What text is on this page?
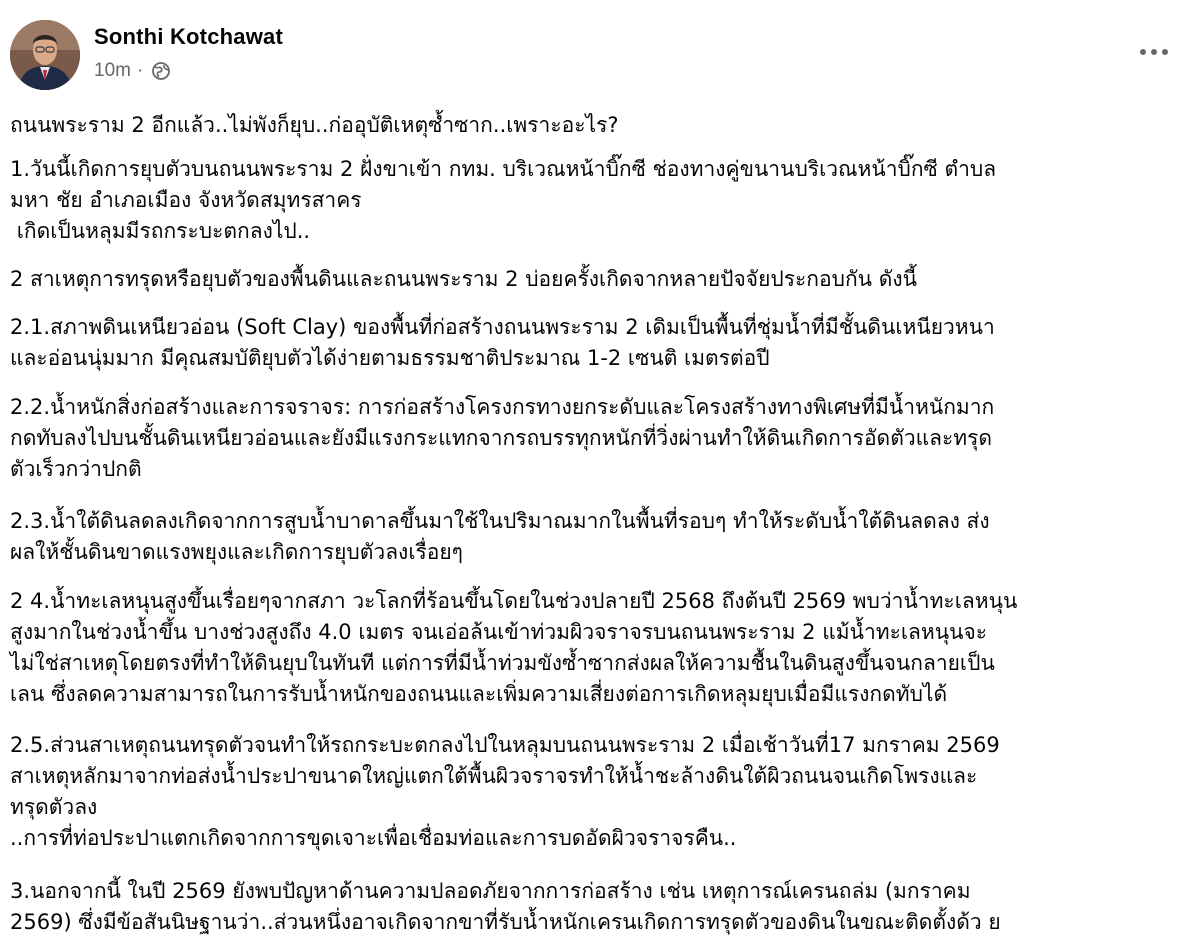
Sonthi Kotchawat
10m ·

ถนนพระราม 2 อีกแล้ว..ไม่พังก็ยุบ..ก่ออุบัติเหตุซ้ำซาก..เพราะอะไร?

1.วันนี้เกิดการยุบตัวบนถนนพระราม 2 ฝั่งขาเข้า กทม. บริเวณหน้าบิ๊กซี ช่องทางคู่ขนานบริเวณหน้าบิ๊กซี ตำบล
มหา ชัย อำเภอเมือง จังหวัดสมุทรสาคร
เกิดเป็นหลุมมีรถกระบะตกลงไป..

2 สาเหตุการทรุดหรือยุบตัวของพื้นดินและถนนพระราม 2 บ่อยครั้งเกิดจากหลายปัจจัยประกอบกัน ดังนี้

2.1.สภาพดินเหนียวอ่อน (Soft Clay) ของพื้นที่ก่อสร้างถนนพระราม 2 เดิมเป็นพื้นที่ชุ่มน้ำที่มีชั้นดินเหนียวหนา
และอ่อนนุ่มมาก มีคุณสมบัติยุบตัวได้ง่ายตามธรรมชาติประมาณ 1-2 เซนติ เมตรต่อปี

2.2.น้ำหนักสิ่งก่อสร้างและการจราจร: การก่อสร้างโครงกรทางยกระดับและโครงสร้างทางพิเศษที่มีน้ำหนักมาก
กดทับลงไปบนชั้นดินเหนียวอ่อนและยังมีแรงกระแทกจากรถบรรทุกหนักที่วิ่งผ่านทำให้ดินเกิดการอัดตัวและทรุด
ตัวเร็วกว่าปกติ

2.3.น้ำใต้ดินลดลงเกิดจากการสูบน้ำบาดาลขึ้นมาใช้ในปริมาณมากในพื้นที่รอบๆ ทำให้ระดับน้ำใต้ดินลดลง ส่ง
ผลให้ชั้นดินขาดแรงพยุงและเกิดการยุบตัวลงเรื่อยๆ

2 4.น้ำทะเลหนุนสูงขึ้นเรื่อยๆจากสภา วะโลกที่ร้อนขึ้นโดยในช่วงปลายปี 2568 ถึงต้นปี 2569 พบว่าน้ำทะเลหนุน
สูงมากในช่วงน้ำขึ้น บางช่วงสูงถึง 4.0 เมตร จนเอ่อล้นเข้าท่วมผิวจราจรบนถนนพระราม 2 แม้น้ำทะเลหนุนจะ
ไม่ใช่สาเหตุโดยตรงที่ทำให้ดินยุบในทันที แต่การที่มีน้ำท่วมขังซ้ำซากส่งผลให้ความชื้นในดินสูงขึ้นจนกลายเป็น
เลน ซึ่งลดความสามารถในการรับน้ำหนักของถนนและเพิ่มความเสี่ยงต่อการเกิดหลุมยุบเมื่อมีแรงกดทับได้

2.5.ส่วนสาเหตุถนนทรุดตัวจนทำให้รถกระบะตกลงไปในหลุมบนถนนพระราม 2 เมื่อเช้าวันที่17 มกราคม 2569
สาเหตุหลักมาจากท่อส่งน้ำประปาขนาดใหญ่แตกใต้พื้นผิวจราจรทำให้น้ำชะล้างดินใต้ผิวถนนจนเกิดโพรงและ
ทรุดตัวลง
..การที่ท่อประปาแตกเกิดจากการขุดเจาะเพื่อเชื่อมท่อและการบดอัดผิวจราจรคืน..

3.นอกจากนี้ ในปี 2569 ยังพบปัญหาด้านความปลอดภัยจากการก่อสร้าง เช่น เหตุการณ์เครนถล่ม (มกราคม
2569) ซึ่งมีข้อสันนิษฐานว่า..ส่วนหนึ่งอาจเกิดจากขาที่รับน้ำหนักเครนเกิดการทรุดตัวของดินในขณะติดตั้งด้ว ย
